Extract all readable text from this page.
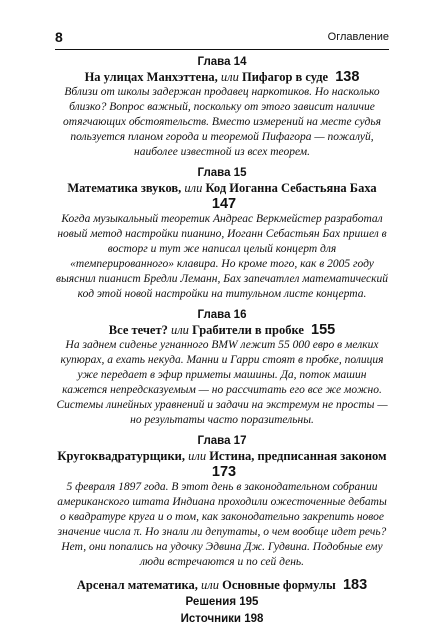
8	Оглавление
Глава 14
На улицах Манхэттена, или Пифагор в суде 138
Вблизи от школы задержан продавец наркотиков. Но насколько близко? Вопрос важный, поскольку от этого зависит наличие отягчающих обстоятельств. Вместо измерений на месте судья пользуется планом города и теоремой Пифагора — пожалуй, наиболее известной из всех теорем.
Глава 15
Математика звуков, или Код Иоганна Себастьяна Баха 147
Когда музыкальный теоретик Андреас Веркмейстер разработал новый метод настройки пианино, Иоганн Себастьян Бах пришел в восторг и тут же написал целый концерт для «темперированного» клавира. Но кроме того, как в 2005 году выяснил пианист Бредли Леманн, Бах запечатлел математический код этой новой настройки на титульном листе концерта.
Глава 16
Все течет? или Грабители в пробке 155
На заднем сиденье угнанного BMW лежит 55 000 евро в мелких купюрах, а ехать некуда. Манни и Гарри стоят в пробке, полиция уже передает в эфир приметы машины. Да, поток машин кажется непредсказуемым — но рассчитать его все же можно. Системы линейных уравнений и задачи на экстремум не просты — но результаты часто поразительны.
Глава 17
Кругоквадратурщики, или Истина, предписанная законом 173
5 февраля 1897 года. В этот день в законодательном собрании американского штата Индиана проходили ожесточенные дебаты о квадратуре круга и о том, как законодательно закрепить новое значение числа π. Но знали ли депутаты, о чем вообще идет речь? Нет, они попались на удочку Эдвина Дж. Гудвина. Подобные ему люди встречаются и по сей день.
Арсенал математика, или Основные формулы 183
Решения 195
Источники 198
